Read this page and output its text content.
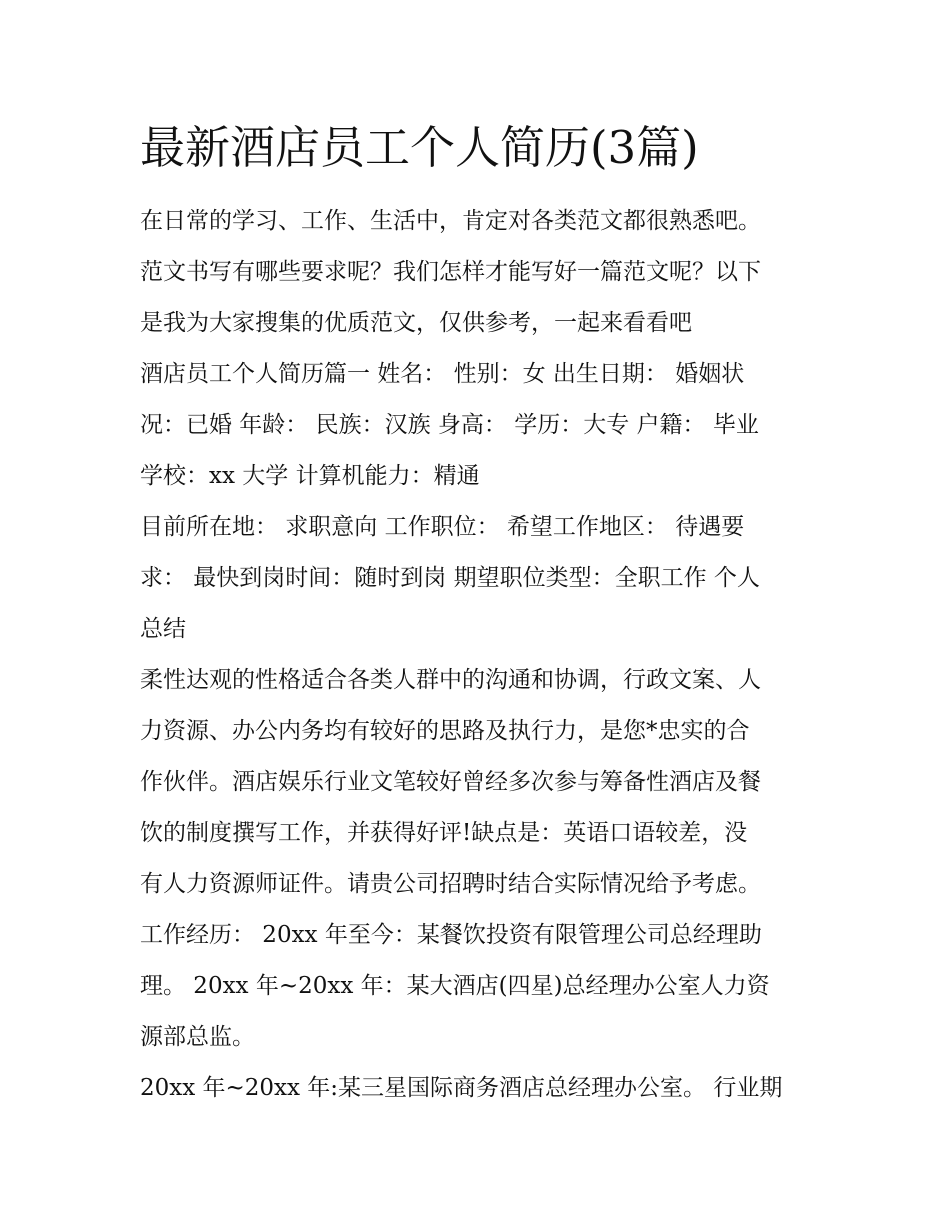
最新酒店员工个人简历(3篇)
在日常的学习、工作、生活中，肯定对各类范文都很熟悉吧。
范文书写有哪些要求呢？我们怎样才能写好一篇范文呢？以下
是我为大家搜集的优质范文，仅供参考，一起来看看吧
酒店员工个人简历篇一 姓名： 性别：女 出生日期： 婚姻状
况：已婚 年龄： 民族：汉族 身高： 学历：大专 户籍： 毕业
学校：xx 大学 计算机能力：精通
目前所在地： 求职意向 工作职位： 希望工作地区： 待遇要
求： 最快到岗时间：随时到岗 期望职位类型：全职工作 个人
总结
柔性达观的性格适合各类人群中的沟通和协调，行政文案、人
力资源、办公内务均有较好的思路及执行力，是您*忠实的合
作伙伴。酒店娱乐行业文笔较好曾经多次参与筹备性酒店及餐
饮的制度撰写工作，并获得好评!缺点是：英语口语较差，没
有人力资源师证件。请贵公司招聘时结合实际情况给予考虑。
工作经历： 20xx 年至今：某餐饮投资有限管理公司总经理助
理。 20xx 年~20xx 年：某大酒店(四星)总经理办公室人力资
源部总监。
20xx 年~20xx 年:某三星国际商务酒店总经理办公室。 行业期
